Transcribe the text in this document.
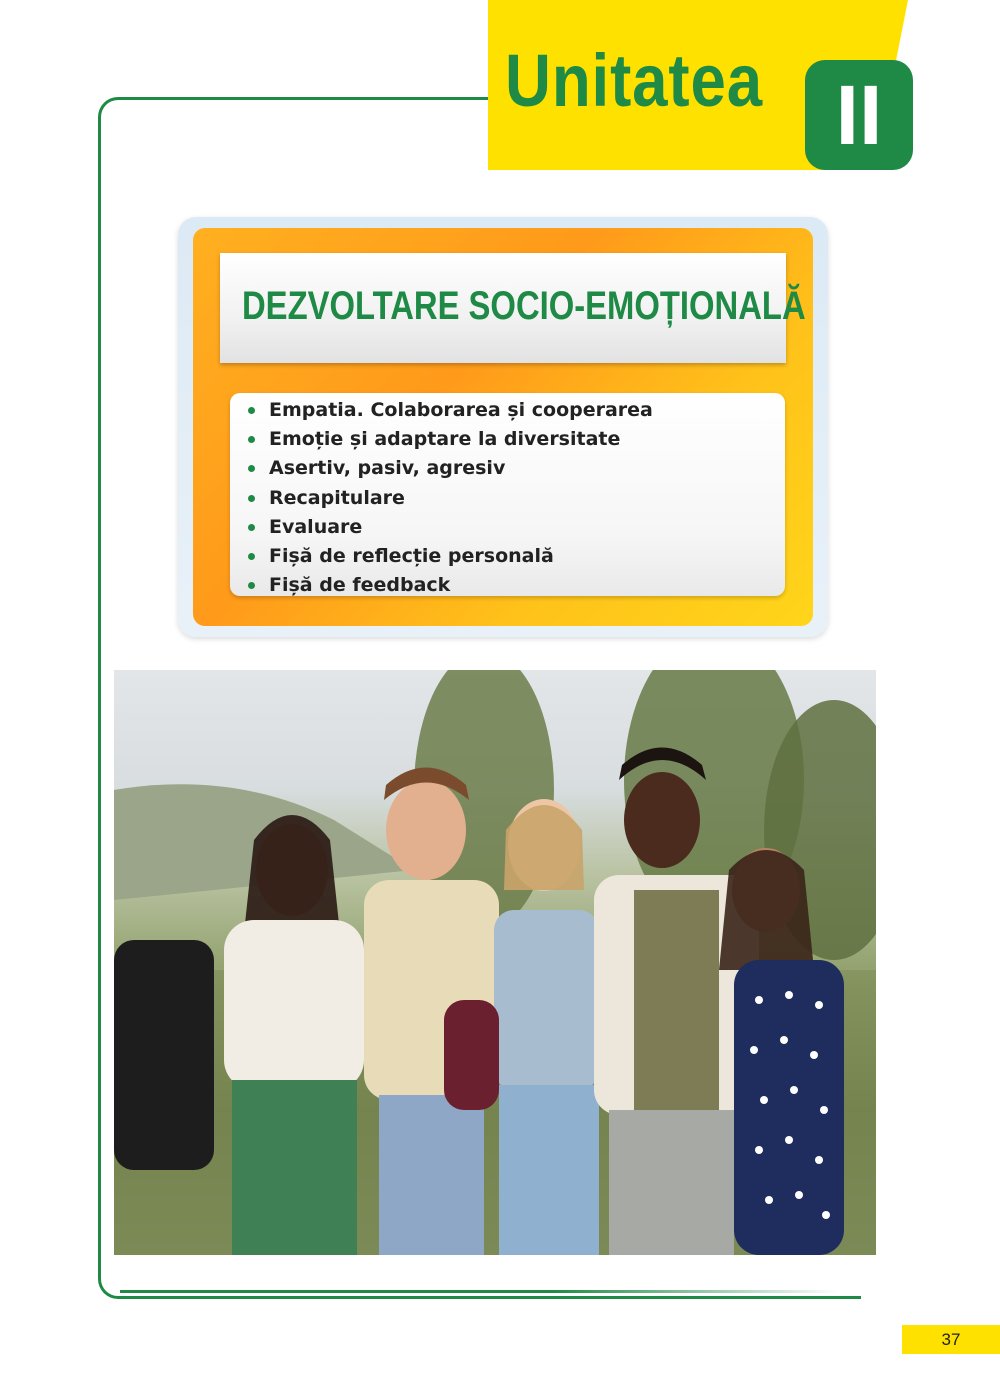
Unitatea II
DEZVOLTARE SOCIO-EMOȚIONALĂ
Empatia. Colaborarea și cooperarea
Emoție și adaptare la diversitate
Asertiv, pasiv, agresiv
Recapitulare
Evaluare
Fișă de reflecție personală
Fișă de feedback
37
